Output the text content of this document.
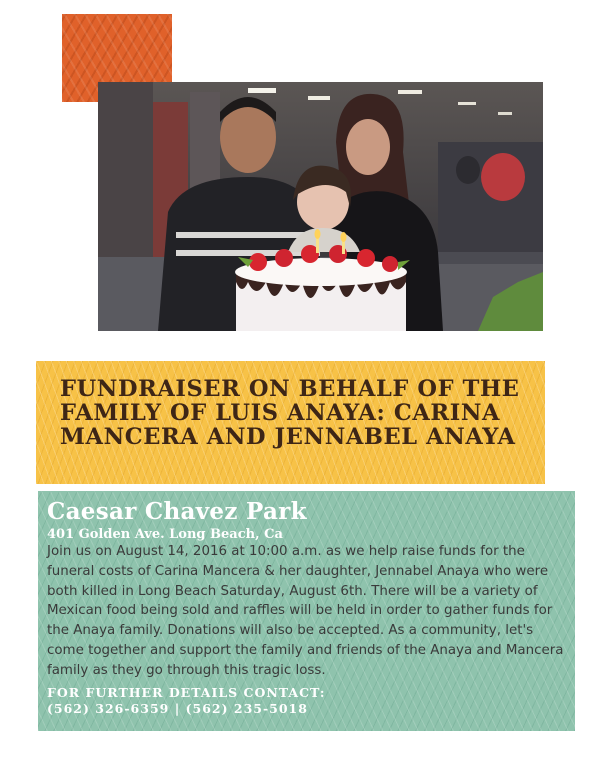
FUNDRAISER ON BEHALF OF THE FAMILY OF LUIS ANAYA: CARINA MANCERA AND JENNABEL ANAYA
Caesar Chavez Park
401 Golden Ave. Long Beach, Ca

Join us on August 14, 2016 at 10:00 a.m. as we help raise funds for the funeral costs of Carina Mancera & her daughter, Jennabel Anaya who were both killed in Long Beach Saturday, August 6th. There will be a variety of Mexican food being sold and raffles will be held in order to gather funds for the Anaya family. Donations will also be accepted. As a community, let's come together and support the family and friends of the Anaya and Mancera family as they go through this tragic loss.

FOR FURTHER DETAILS CONTACT:
(562) 326-6359 | (562) 235-5018
